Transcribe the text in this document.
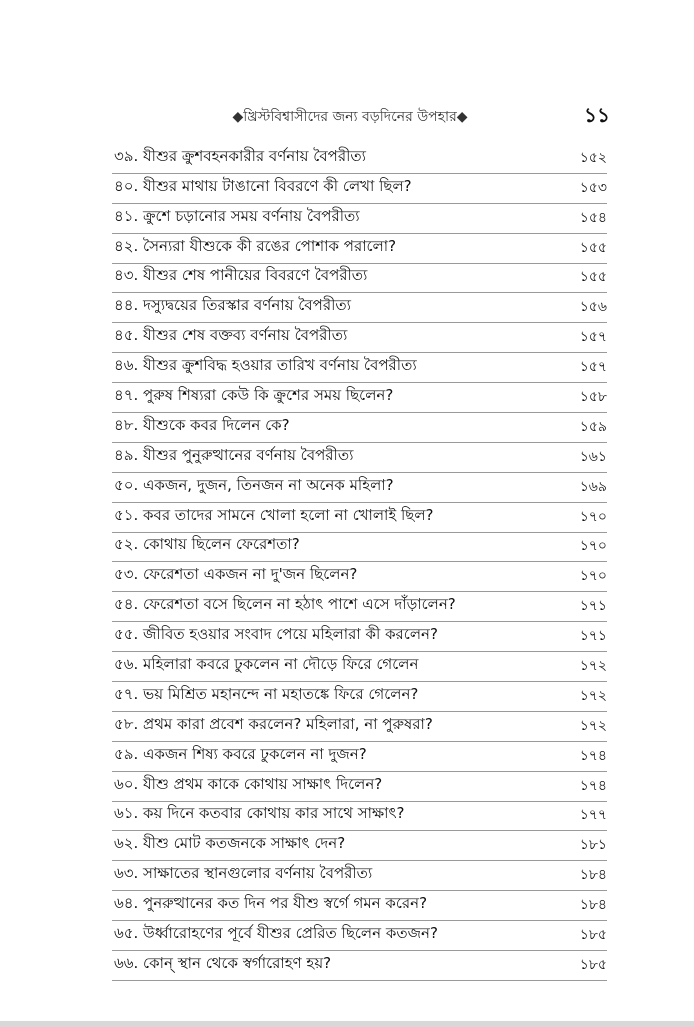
◆খ্রিস্টবিশ্বাসীদের জন্য বড়দিনের উপহার◆	১১
৩৯. যীশুর ক্রুশবহনকারীর বর্ণনায় বৈপরীত্য	১৫২
৪০. যীশুর মাথায় টাঙানো বিবরণে কী লেখা ছিল?	১৫৩
৪১. ক্রুশে চড়ানোর সময় বর্ণনায় বৈপরীত্য	১৫৪
৪২. সৈন্যরা যীশুকে কী রঙের পোশাক পরালো?	১৫৫
৪৩. যীশুর শেষ পানীয়ের বিবরণে বৈপরীত্য	১৫৫
৪৪. দস্যুদ্বয়ের তিরস্কার বর্ণনায় বৈপরীত্য	১৫৬
৪৫. যীশুর শেষ বক্তব্য বর্ণনায় বৈপরীত্য	১৫৭
৪৬. যীশুর ক্রুশবিদ্ধ হওয়ার তারিখ বর্ণনায় বৈপরীত্য	১৫৭
৪৭. পুরুষ শিষ্যরা কেউ কি ক্রুশের সময় ছিলেন?	১৫৮
৪৮. যীশুকে কবর দিলেন কে?	১৫৯
৪৯. যীশুর পুনুরুত্থানের বর্ণনায় বৈপরীত্য	১৬১
৫০. একজন, দুজন, তিনজন না অনেক মহিলা?	১৬৯
৫১. কবর তাদের সামনে খোলা হলো না খোলাই ছিল?	১৭০
৫২. কোথায় ছিলেন ফেরেশতা?	১৭০
৫৩. ফেরেশতা একজন না দু'জন ছিলেন?	১৭০
৫৪. ফেরেশতা বসে ছিলেন না হঠাৎ পাশে এসে দাঁড়ালেন?	১৭১
৫৫. জীবিত হওয়ার সংবাদ পেয়ে মহিলারা কী করলেন?	১৭১
৫৬. মহিলারা কবরে ঢুকলেন না দৌড়ে ফিরে গেলেন	১৭২
৫৭. ভয় মিশ্রিত মহানন্দে না মহাতঙ্কে ফিরে গেলেন?	১৭২
৫৮. প্রথম কারা প্রবেশ করলেন? মহিলারা, না পুরুষরা?	১৭২
৫৯. একজন শিষ্য কবরে ঢুকলেন না দুজন?	১৭৪
৬০. যীশু প্রথম কাকে কোথায় সাক্ষাৎ দিলেন?	১৭৪
৬১. কয় দিনে কতবার কোথায় কার সাথে সাক্ষাৎ?	১৭৭
৬২. যীশু মোট কতজনকে সাক্ষাৎ দেন?	১৮১
৬৩. সাক্ষাতের স্থানগুলোর বর্ণনায় বৈপরীত্য	১৮৪
৬৪. পুনরুত্থানের কত দিন পর যীশু স্বর্গে গমন করেন?	১৮৪
৬৫. উর্ধ্বারোহণের পূর্বে যীশুর প্রেরিত ছিলেন কতজন?	১৮৫
৬৬. কোন্ স্থান থেকে স্বর্গারোহণ হয়?	১৮৫
